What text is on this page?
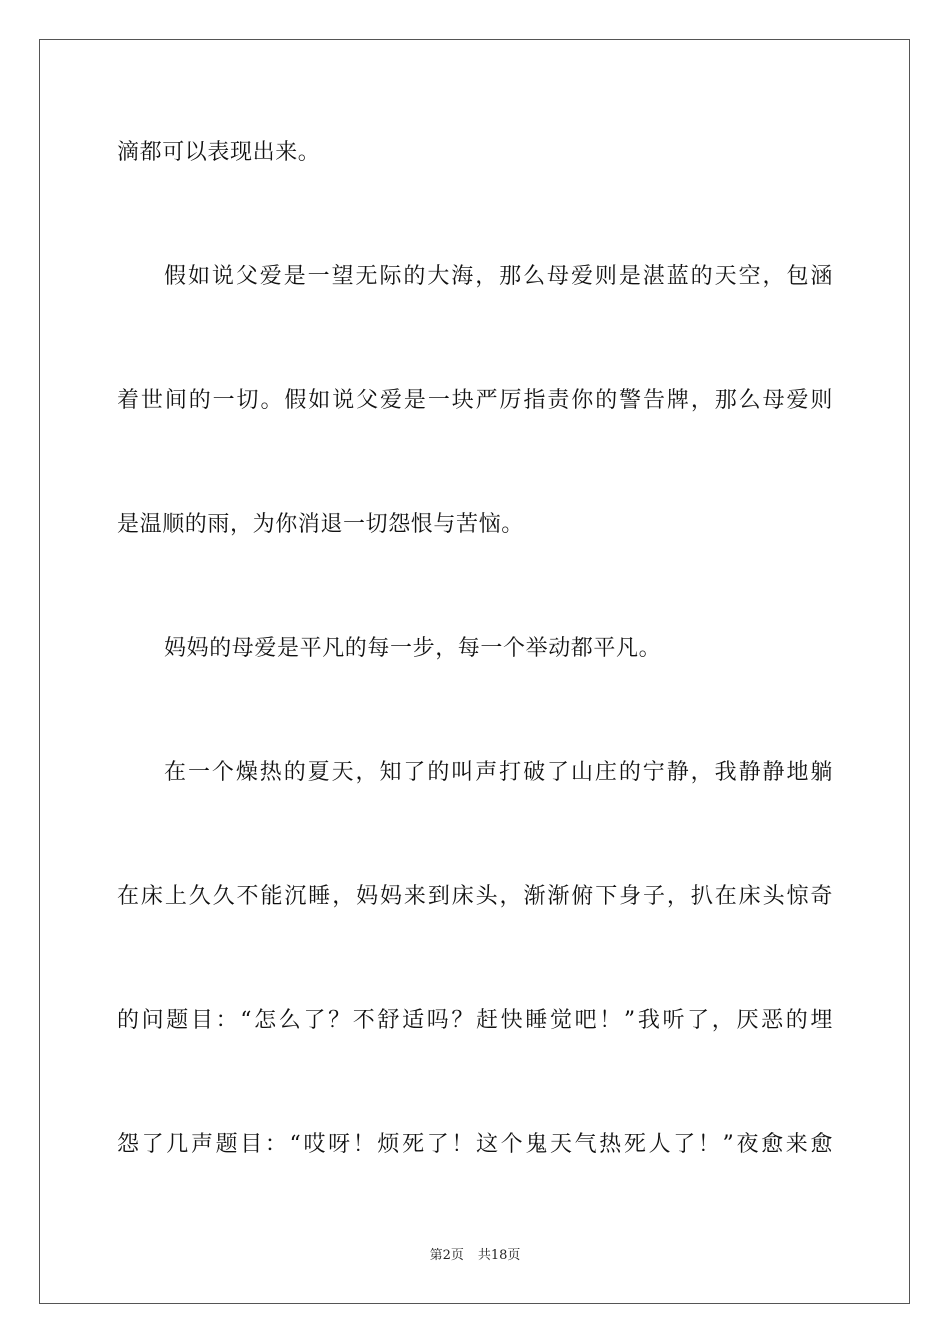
滴都可以表现出来。
假如说父爱是一望无际的大海，那么母爱则是湛蓝的天空，包涵
着世间的一切。假如说父爱是一块严厉指责你的警告牌，那么母爱则
是温顺的雨，为你消退一切怨恨与苦恼。
妈妈的母爱是平凡的每一步，每一个举动都平凡。
在一个燥热的夏天，知了的叫声打破了山庄的宁静，我静静地躺
在床上久久不能沉睡，妈妈来到床头，渐渐俯下身子，扒在床头惊奇
的问题目：“怎么了？不舒适吗？赶快睡觉吧！”我听了，厌恶的埋
怨了几声题目：“哎呀！烦死了！这个鬼天气热死人了！”夜愈来愈
第2页 共18页
